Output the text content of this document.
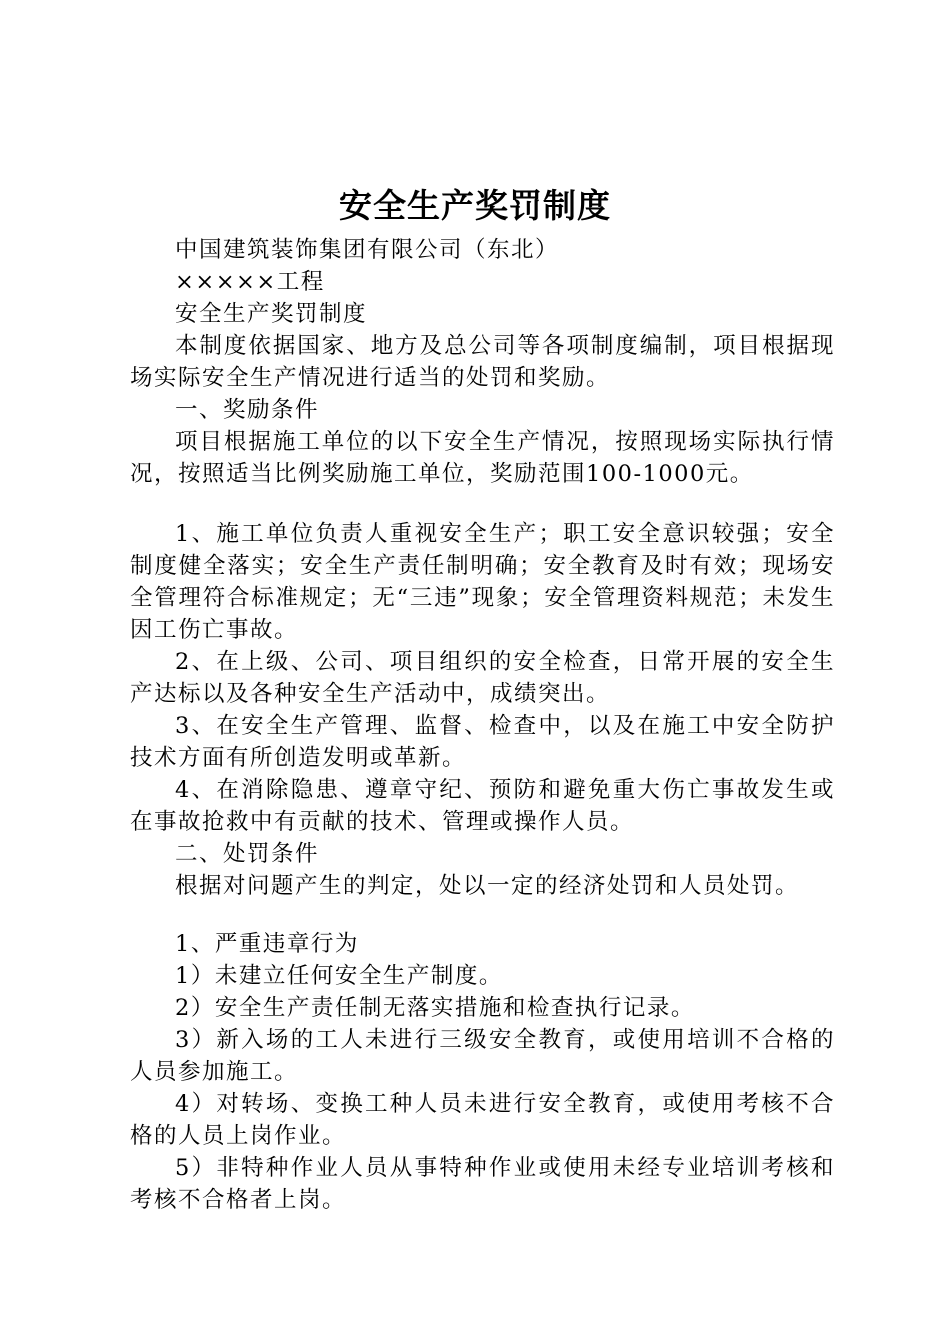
安全生产奖罚制度

中国建筑装饰集团有限公司（东北）

×××××工程

安全生产奖罚制度

本制度依据国家、地方及总公司等各项制度编制，项目根据现场实际安全生产情况进行适当的处罚和奖励。

一、奖励条件

项目根据施工单位的以下安全生产情况，按照现场实际执行情况，按照适当比例奖励施工单位，奖励范围100-1000元。

1、施工单位负责人重视安全生产；职工安全意识较强；安全制度健全落实；安全生产责任制明确；安全教育及时有效；现场安全管理符合标准规定；无“三违”现象；安全管理资料规范；未发生因工伤亡事故。

2、在上级、公司、项目组织的安全检查，日常开展的安全生产达标以及各种安全生产活动中，成绩突出。

3、在安全生产管理、监督、检查中，以及在施工中安全防护技术方面有所创造发明或革新。

4、在消除隐患、遵章守纪、预防和避免重大伤亡事故发生或在事故抢救中有贡献的技术、管理或操作人员。

二、处罚条件

根据对问题产生的判定，处以一定的经济处罚和人员处罚。

1、严重违章行为

1）未建立任何安全生产制度。

2）安全生产责任制无落实措施和检查执行记录。

3）新入场的工人未进行三级安全教育，或使用培训不合格的人员参加施工。

4）对转场、变换工种人员未进行安全教育，或使用考核不合格的人员上岗作业。

5）非特种作业人员从事特种作业或使用未经专业培训考核和考核不合格者上岗。
